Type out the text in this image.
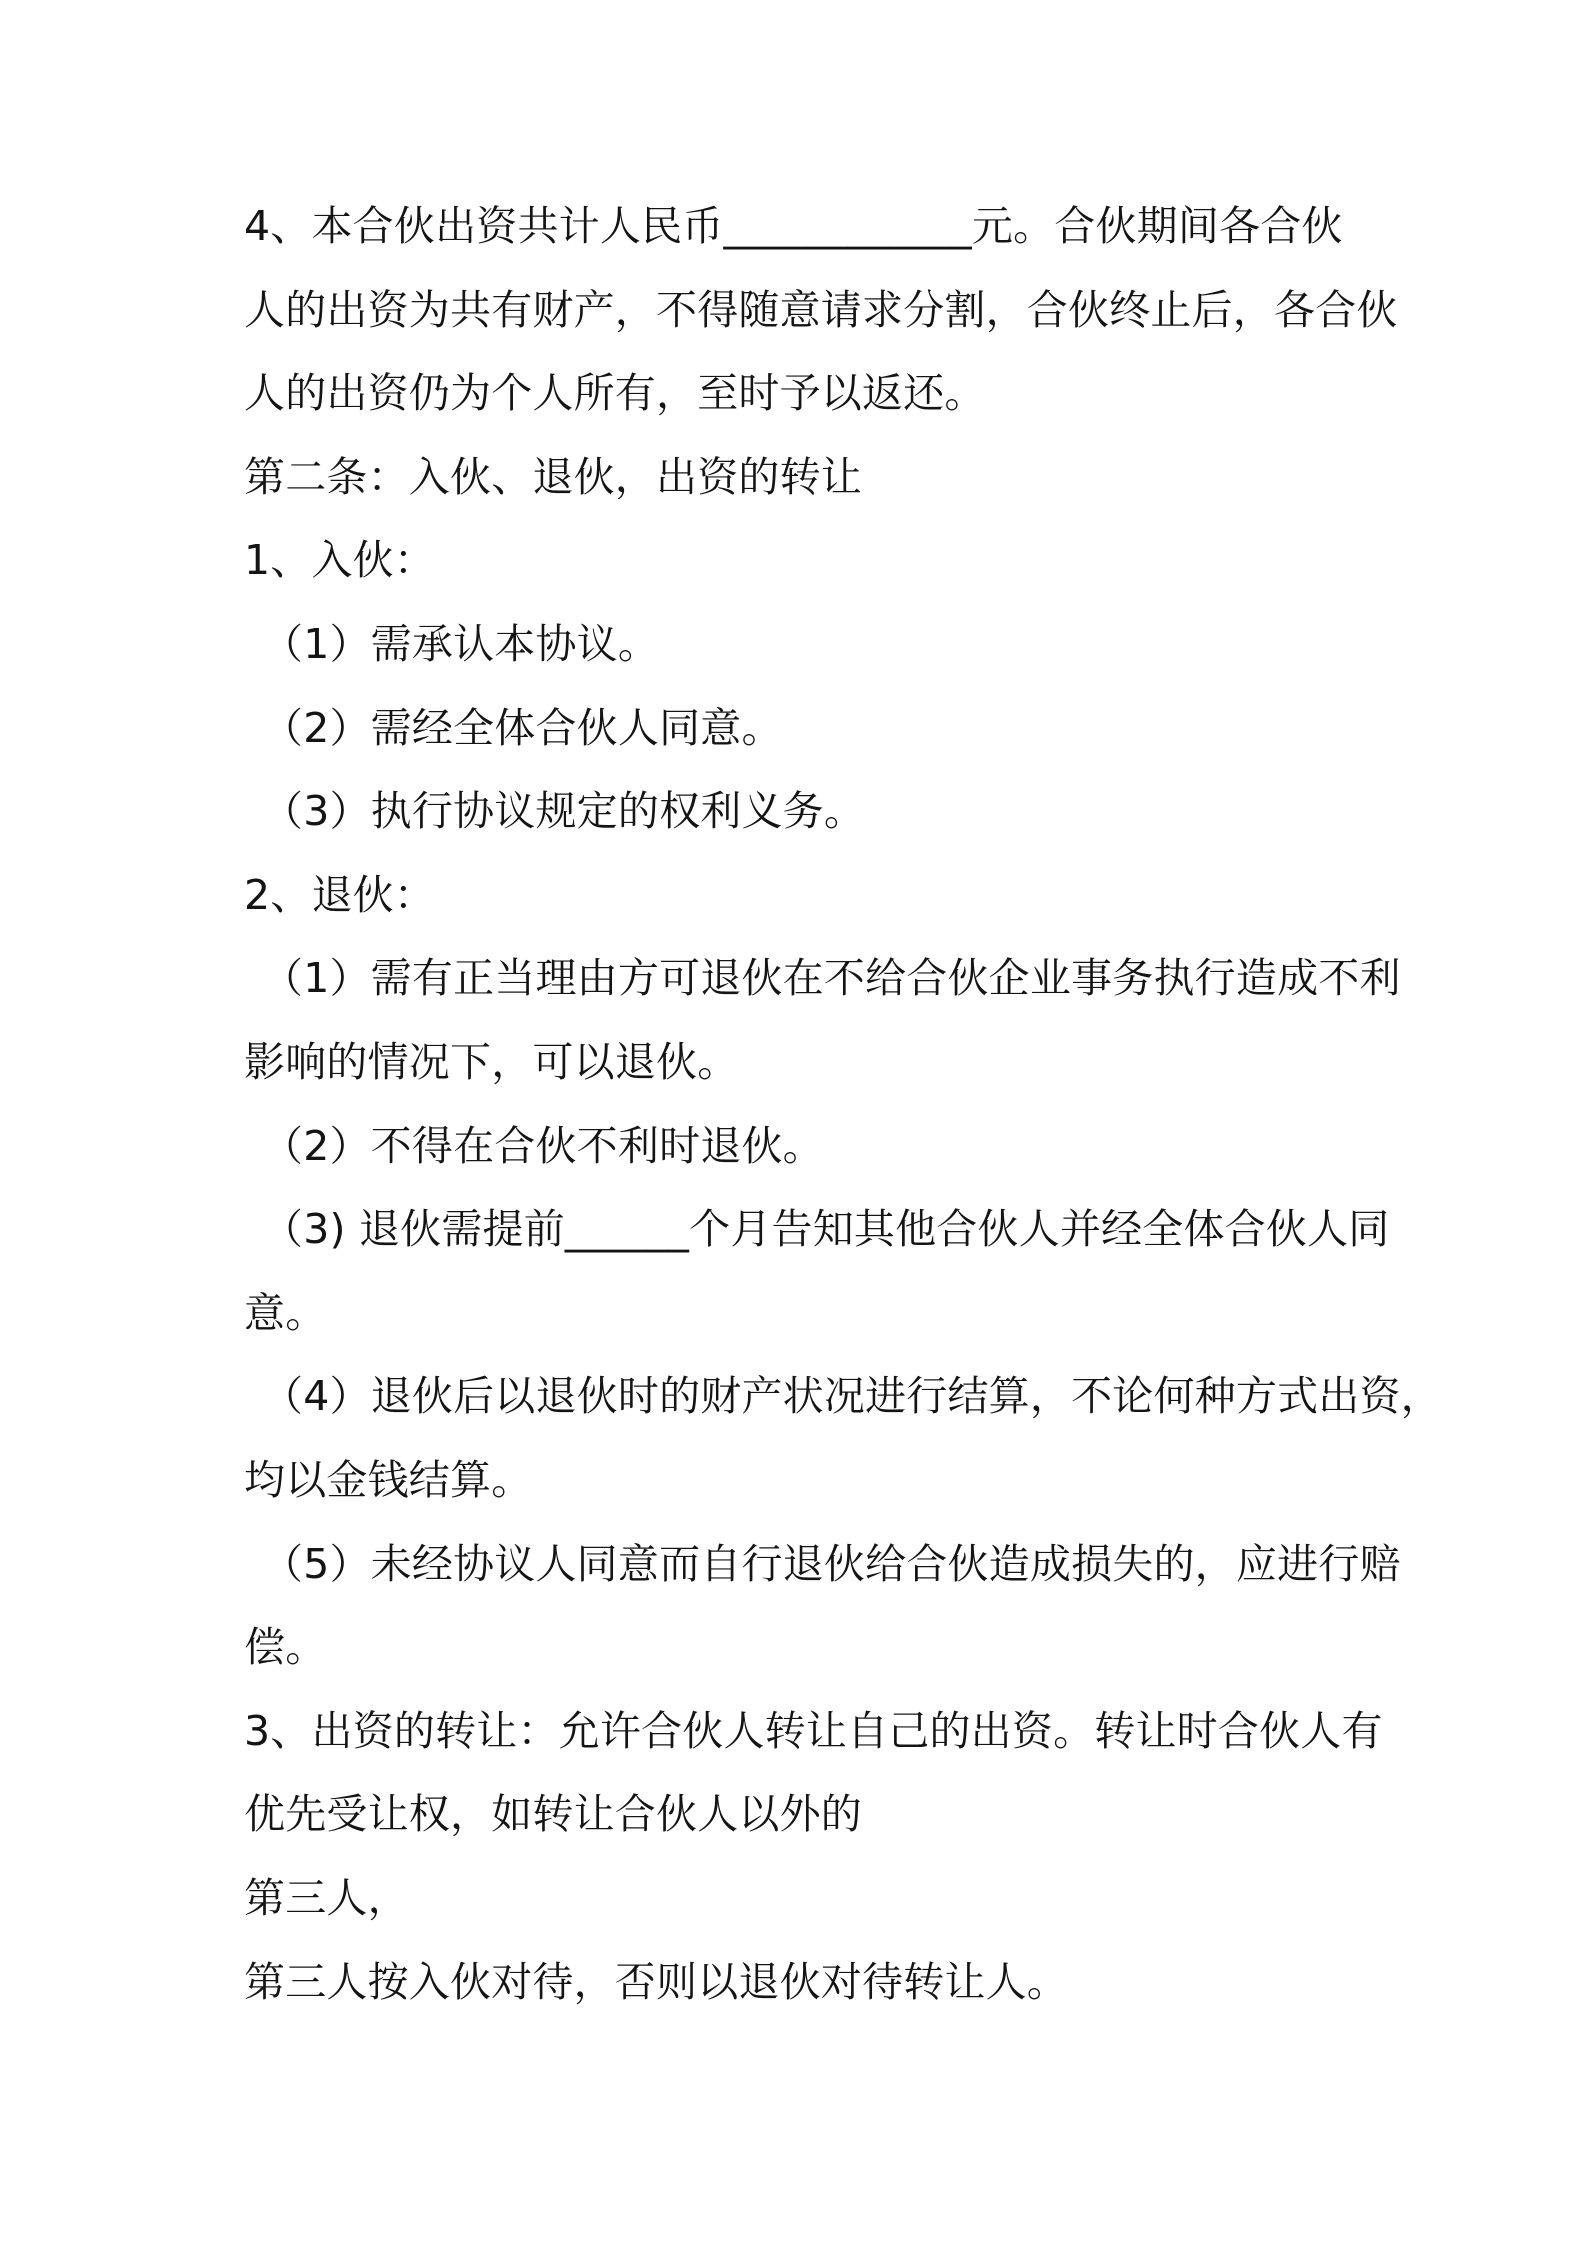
4、本合伙出资共计人民币____________元。合伙期间各合伙
人的出资为共有财产，不得随意请求分割，合伙终止后，各合伙
人的出资仍为个人所有，至时予以返还。
第二条：入伙、退伙，出资的转让
1、入伙：
（1）需承认本协议。
（2）需经全体合伙人同意。
（3）执行协议规定的权利义务。
2、退伙：
（1）需有正当理由方可退伙在不给合伙企业事务执行造成不利
影响的情况下，可以退伙。
（2）不得在合伙不利时退伙。
（3) 退伙需提前______个月告知其他合伙人并经全体合伙人同
意。
（4）退伙后以退伙时的财产状况进行结算，不论何种方式出资，
均以金钱结算。
（5）未经协议人同意而自行退伙给合伙造成损失的，应进行赔
偿。
3、出资的转让：允许合伙人转让自己的出资。转让时合伙人有
优先受让权，如转让合伙人以外的
第三人，
第三人按入伙对待，否则以退伙对待转让人。
